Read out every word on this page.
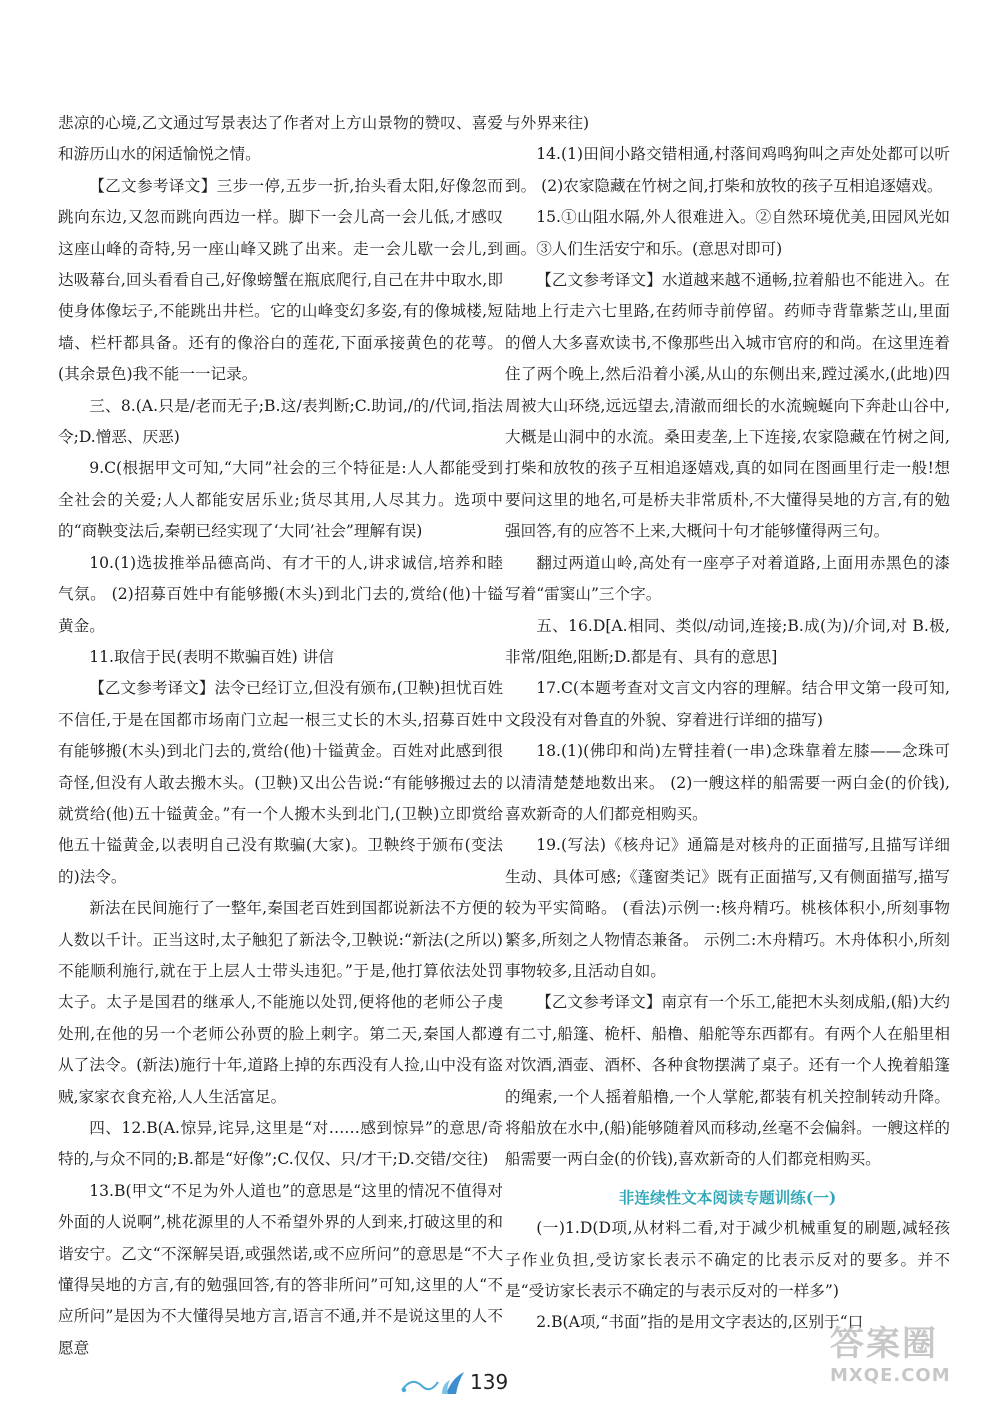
悲凉的心境,乙文通过写景表达了作者对上方山景物的赞叹、喜爱和游历山水的闲适愉悦之情。

【乙文参考译文】三步一停,五步一折,抬头看太阳,好像忽而跳向东边,又忽而跳向西边一样。脚下一会儿高一会儿低,才感叹这座山峰的奇特,另一座山峰又跳了出来。走一会儿歇一会儿,到达吸幕台,回头看看自己,好像螃蟹在瓶底爬行,自己在井中取水,即使身体像坛子,不能跳出井栏。它的山峰变幻多姿,有的像城楼,短墙、栏杆都具备。还有的像浴白的莲花,下面承接黄色的花萼。(其余景色)我不能一一记录。

三、8.(A.只是/老而无子;B.这/表判断;C.助词,/的/代词,指法令;D.憎恶、厌恶)

9.C(根据甲文可知,“大同”社会的三个特征是:人人都能受到全社会的关爱;人人都能安居乐业;货尽其用,人尽其力。选项中的“商鞅变法后,秦朝已经实现了‘大同’社会”理解有误)

10.(1)选拔推举品德高尚、有才干的人,讲求诚信,培养和睦气氛。 (2)招募百姓中有能够搬(木头)到北门去的,赏给(他)十镒黄金。

11.取信于民(表明不欺骗百姓) 讲信

【乙文参考译文】法令已经订立,但没有颁布,(卫鞅)担忧百姓不信任,于是在国都市场南门立起一根三丈长的木头,招募百姓中有能够搬(木头)到北门去的,赏给(他)十镒黄金。百姓对此感到很奇怪,但没有人敢去搬木头。(卫鞅)又出公告说:“有能够搬过去的就赏给(他)五十镒黄金。”有一个人搬木头到北门,(卫鞅)立即赏给他五十镒黄金,以表明自己没有欺骗(大家)。卫鞅终于颁布(变法的)法令。

新法在民间施行了一整年,秦国老百姓到国都说新法不方便的人数以千计。正当这时,太子触犯了新法令,卫鞅说:“新法(之所以)不能顺利施行,就在于上层人士带头违犯。”于是,他打算依法处罚太子。太子是国君的继承人,不能施以处罚,便将他的老师公子虔处刑,在他的另一个老师公孙贾的脸上刺字。第二天,秦国人都遵从了法令。(新法)施行十年,道路上掉的东西没有人捡,山中没有盗贼,家家衣食充裕,人人生活富足。

四、12.B(A.惊异,诧异,这里是“对……感到惊异”的意思/奇特的,与众不同的;B.都是“好像”;C.仅仅、只/才干;D.交错/交往)

13.B(甲文“不足为外人道也”的意思是“这里的情况不值得对外面的人说啊”,桃花源里的人不希望外界的人到来,打破这里的和谐安宁。乙文“不深解吴语,或强然诺,或不应所问”的意思是“不大懂得吴地的方言,有的勉强回答,有的答非所问”可知,这里的人“不应所问”是因为不大懂得吴地方言,语言不通,并不是说这里的人不愿意

与外界来往)

14.(1)田间小路交错相通,村落间鸡鸣狗叫之声处处都可以听到。 (2)农家隐藏在竹树之间,打柴和放牧的孩子互相追逐嬉戏。

15.①山阻水隔,外人很难进入。②自然环境优美,田园风光如画。③人们生活安宁和乐。(意思对即可)

【乙文参考译文】水道越来越不通畅,拉着船也不能进入。在陆地上行走六七里路,在药师寺前停留。药师寺背靠紫芝山,里面的僧人大多喜欢读书,不像那些出入城市官府的和尚。在这里连着住了两个晚上,然后沿着小溪,从山的东侧出来,蹚过溪水,(此地)四周被大山环绕,远远望去,清澈而细长的水流蜿蜒向下奔赴山谷中,大概是山洞中的水流。桑田麦垄,上下连接,农家隐藏在竹树之间,打柴和放牧的孩子互相追逐嬉戏,真的如同在图画里行走一般!想要问这里的地名,可是桥夫非常质朴,不大懂得吴地的方言,有的勉强回答,有的应答不上来,大概问十句才能够懂得两三句。

翻过两道山岭,高处有一座亭子对着道路,上面用赤黑色的漆写着“雷窦山”三个字。

五、16.D[A.相同、类似/动词,连接;B.成(为)/介词,对 B.极,非常/阻绝,阻断;D.都是有、具有的意思]

17.C(本题考查对文言文内容的理解。结合甲文第一段可知,文段没有对鲁直的外貌、穿着进行详细的描写)

18.(1)(佛印和尚)左臂挂着(一串)念珠靠着左膝——念珠可以清清楚楚地数出来。 (2)一艘这样的船需要一两白金(的价钱),喜欢新奇的人们都竞相购买。

19.(写法)《核舟记》通篇是对核舟的正面描写,且描写详细生动、具体可感;《蓬窗类记》既有正面描写,又有侧面描写,描写较为平实简略。 (看法)示例一:核舟精巧。桃核体积小,所刻事物繁多,所刻之人物情态兼备。 示例二:木舟精巧。木舟体积小,所刻事物较多,且活动自如。

【乙文参考译文】南京有一个乐工,能把木头刻成船,(船)大约有二寸,船篷、桅杆、船橹、船舵等东西都有。有两个人在船里相对饮酒,酒壶、酒杯、各种食物摆满了桌子。还有一个人挽着船篷的绳索,一个人摇着船橹,一个人掌舵,都装有机关控制转动升降。将船放在水中,(船)能够随着风而移动,丝毫不会偏斜。一艘这样的船需要一两白金(的价钱),喜欢新奇的人们都竞相购买。

非连续性文本阅读专题训练(一)

(一)1.D(D项,从材料二看,对于减少机械重复的刷题,减轻孩子作业负担,受访家长表示不确定的比表示反对的要多。并不是“受访家长表示不确定的与表示反对的一样多”)

2.B(A项,“书面”指的是用文字表达的,区别于“口

139
答案圈
MXQE.COM
